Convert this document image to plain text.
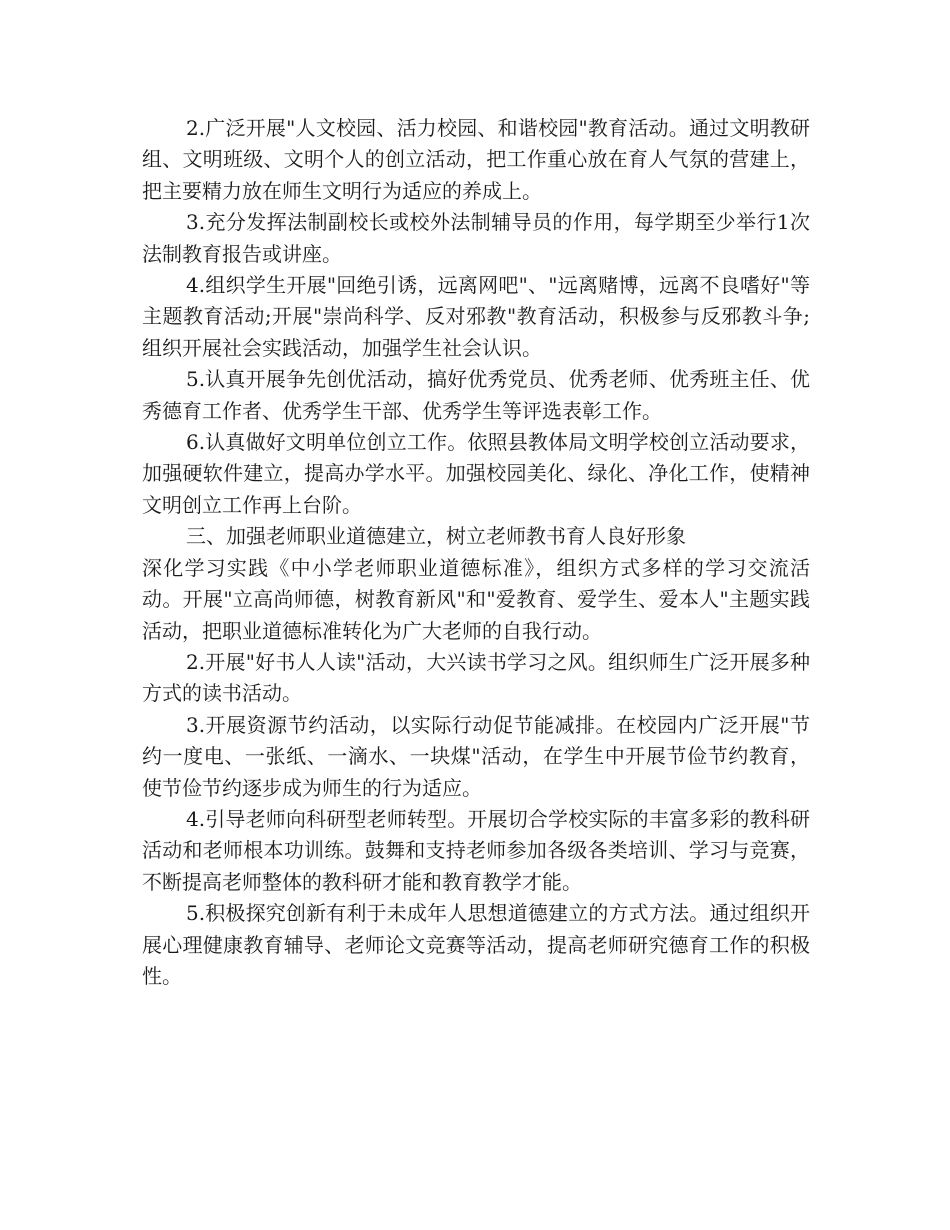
2.广泛开展"人文校园、活力校园、和谐校园"教育活动。通过文明教研组、文明班级、文明个人的创立活动，把工作重心放在育人气氛的营建上，把主要精力放在师生文明行为适应的养成上。

3.充分发挥法制副校长或校外法制辅导员的作用，每学期至少举行1次法制教育报告或讲座。

4.组织学生开展"回绝引诱，远离网吧"、"远离赌博，远离不良嗜好"等主题教育活动;开展"崇尚科学、反对邪教"教育活动，积极参与反邪教斗争;组织开展社会实践活动，加强学生社会认识。

5.认真开展争先创优活动，搞好优秀党员、优秀老师、优秀班主任、优秀德育工作者、优秀学生干部、优秀学生等评选表彰工作。

6.认真做好文明单位创立工作。依照县教体局文明学校创立活动要求，加强硬软件建立，提高办学水平。加强校园美化、绿化、净化工作，使精神文明创立工作再上台阶。

三、加强老师职业道德建立，树立老师教书育人良好形象

深化学习实践《中小学老师职业道德标准》，组织方式多样的学习交流活动。开展"立高尚师德，树教育新风"和"爱教育、爱学生、爱本人"主题实践活动，把职业道德标准转化为广大老师的自我行动。

2.开展"好书人人读"活动，大兴读书学习之风。组织师生广泛开展多种方式的读书活动。

3.开展资源节约活动，以实际行动促节能减排。在校园内广泛开展"节约一度电、一张纸、一滴水、一块煤"活动，在学生中开展节俭节约教育，使节俭节约逐步成为师生的行为适应。

4.引导老师向科研型老师转型。开展切合学校实际的丰富多彩的教科研活动和老师根本功训练。鼓舞和支持老师参加各级各类培训、学习与竞赛，不断提高老师整体的教科研才能和教育教学才能。

5.积极探究创新有利于未成年人思想道德建立的方式方法。通过组织开展心理健康教育辅导、老师论文竞赛等活动，提高老师研究德育工作的积极性。
